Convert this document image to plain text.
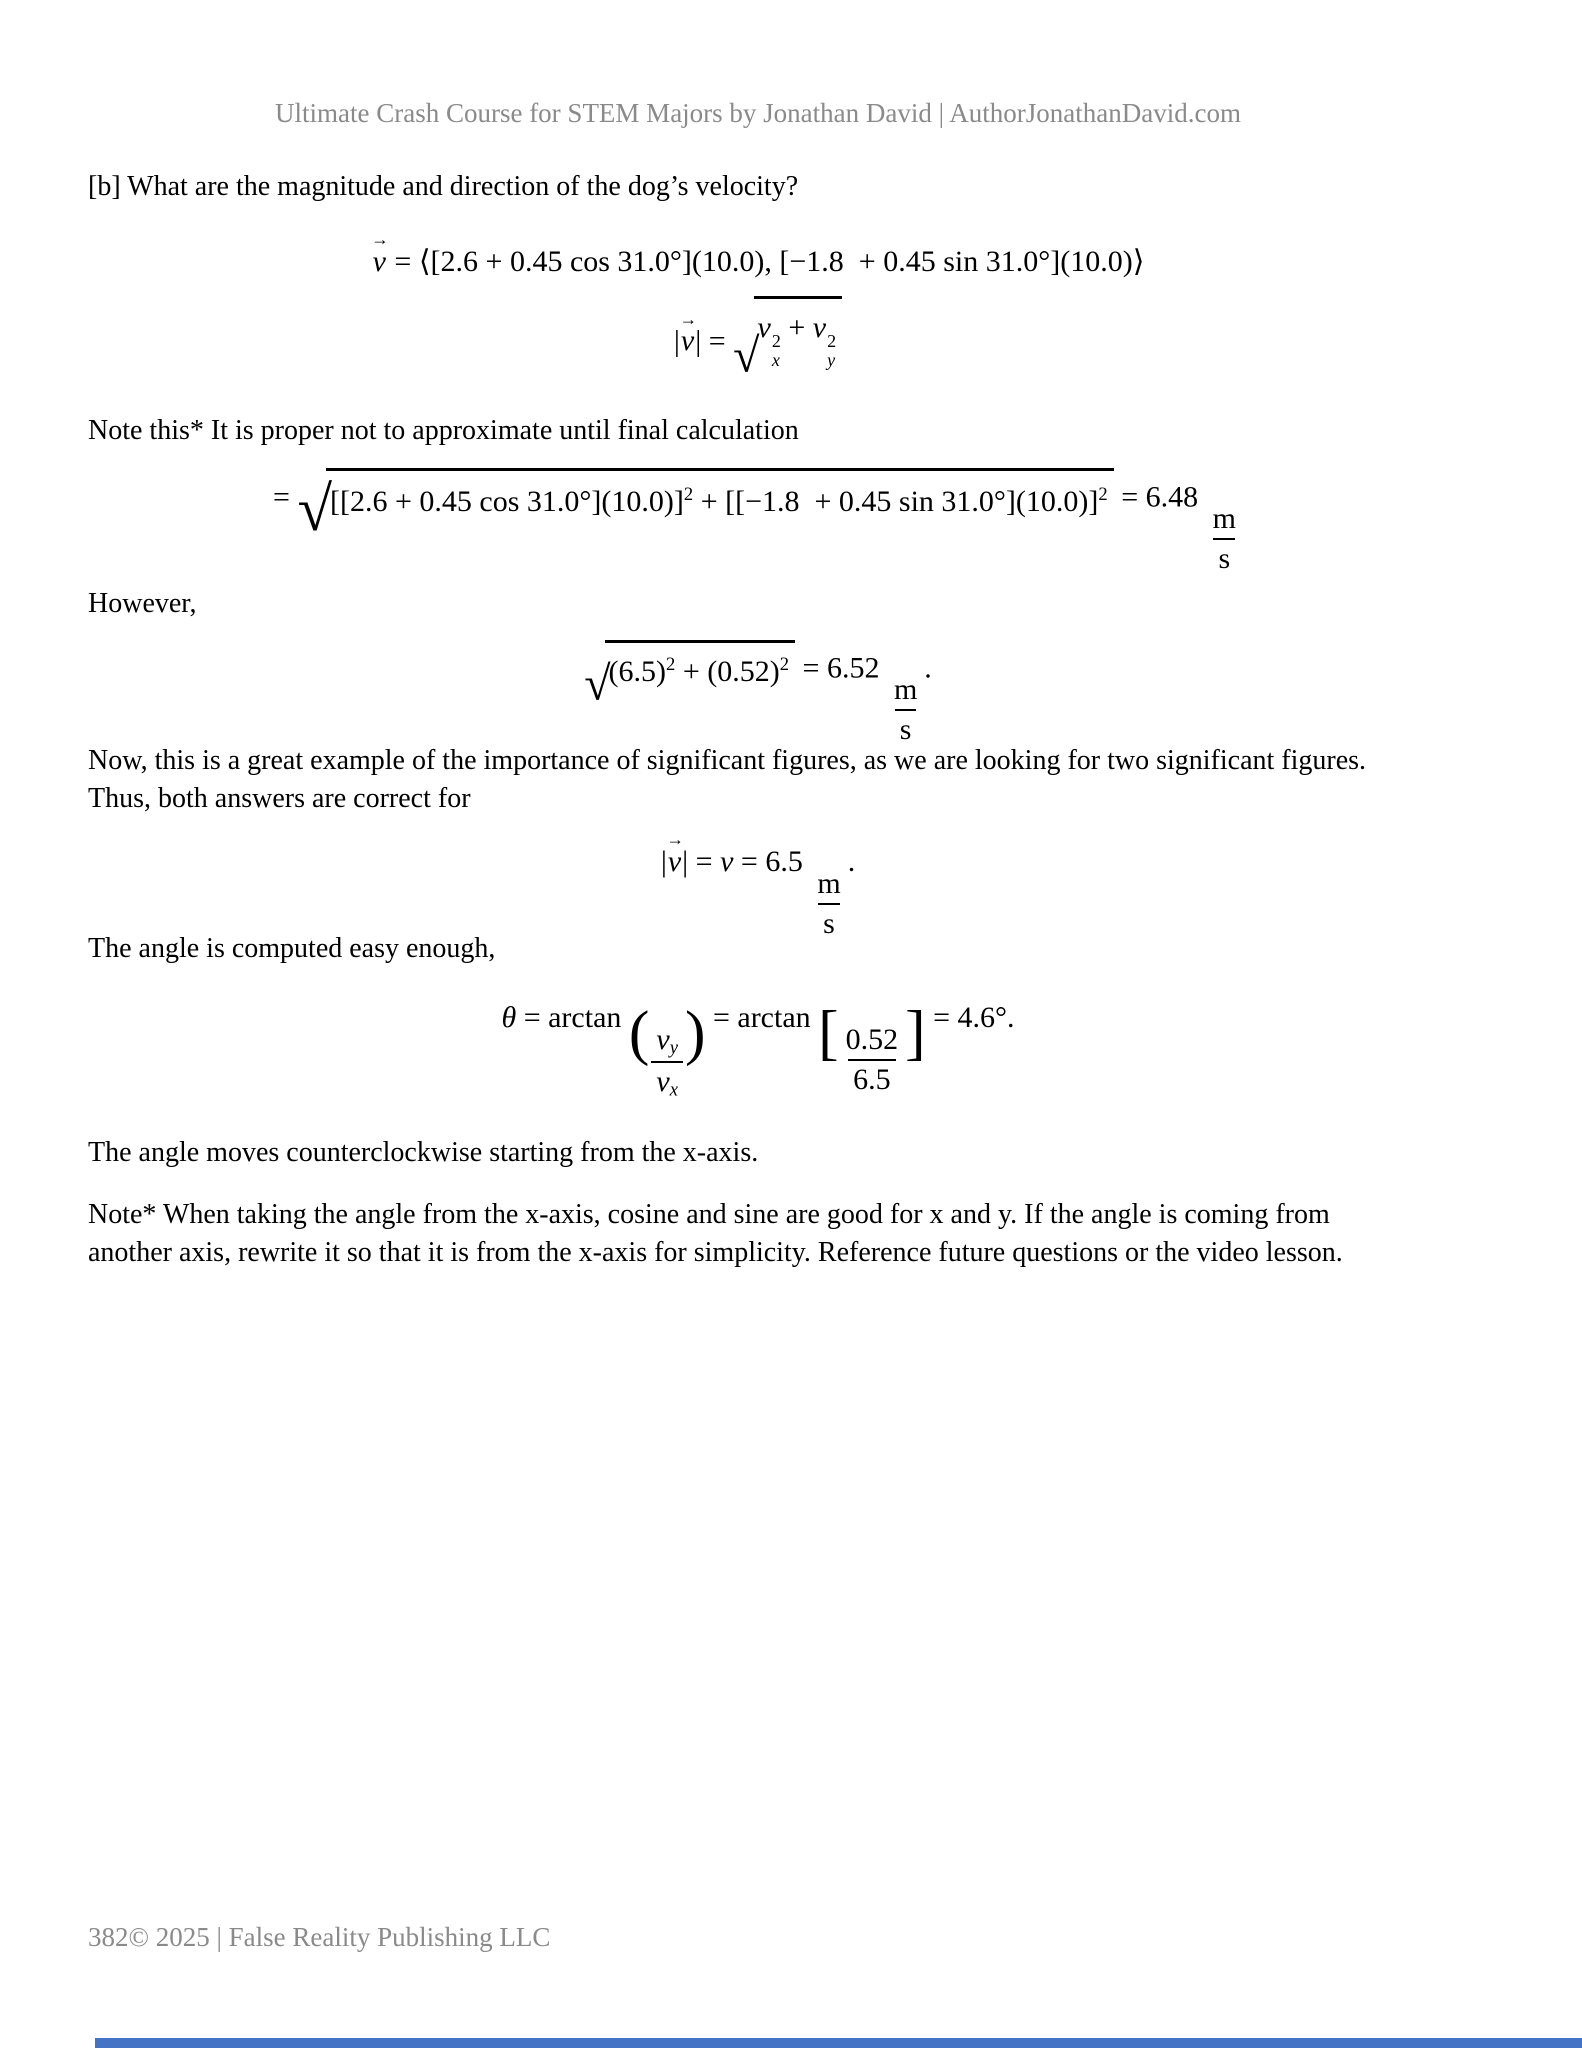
Ultimate Crash Course for STEM Majors by Jonathan David | AuthorJonathanDavid.com
[b] What are the magnitude and direction of the dog’s velocity?
→
v = ⟨[2.6 + 0.45 cos 31.0°](10.0), [−1.8  + 0.45 sin 31.0°](10.0)⟩
|
→
v| = √
v 2
x
+ v 2
y
Note this* It is proper not to approximate until final calculation
= √
[[2.6 + 0.45 cos 31.0°](10.0)]$^2$ + [[−1.8  + 0.45 sin 31.0°](10.0)]$^2$ = 6.48
$\frac{m}{s}$
However,
√
$(6.5)^2 + (0.52)^2 = 6.52$
$\frac{m}{s}$
.
Now, this is a great example of the importance of significant figures, as we are looking for two significant figures.
Thus, both answers are correct for
|
→
v| = v = 6.5
$\frac{m}{s}$
.
The angle is computed easy enough,
θ = arctan ( $\frac{vy}{vx}$ ) = arctan [ $\frac{0.52}{6.5}$ ] = 4.6°.
The angle moves counterclockwise starting from the x-axis.
Note* When taking the angle from the x-axis, cosine and sine are good for x and y. If the angle is coming from
another axis, rewrite it so that it is from the x-axis for simplicity. Reference future questions or the video lesson.
382© 2025 | False Reality Publishing LLC
